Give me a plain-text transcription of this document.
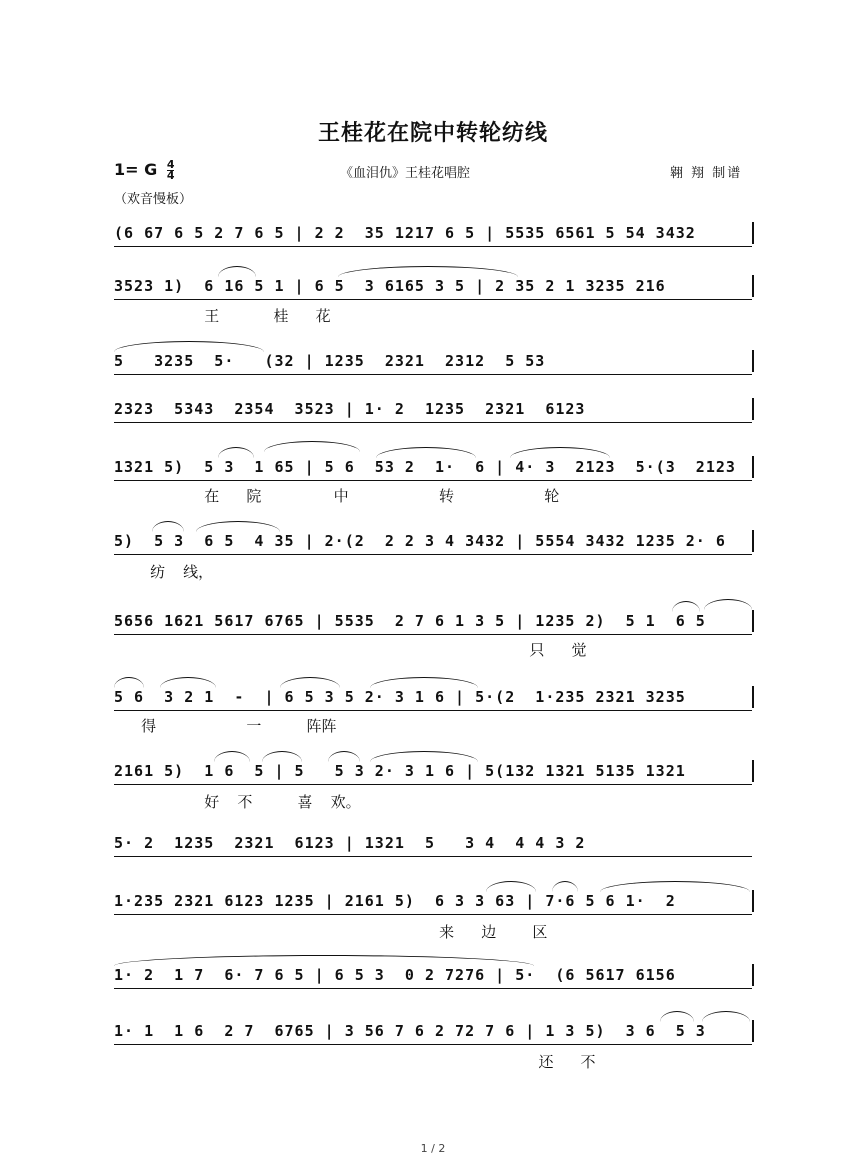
王桂花在院中转轮纺线
1= G $\frac{4}{4}$	《血泪仇》王桂花唱腔	翱 翔 制谱
（欢音慢板）
(6 67 6 5 2 7 6 5 | 2 2  35 1217 6 5 | 5535 6561 5 54 3432
3523 1)  6 16 5 1 | 6 5  3 6165 3 5 | 2 35 2 1 3235 216
王      桂   花
5   3235  5·   (32 | 1235  2321  2312  5 53
2323  5343  2354  3523 | 1· 2  1235  2321  6123
1321 5)  5 3  1 65 | 5 6  53 2  1·  6 | 4· 3  2123  5·(3  2123
在   院        中          转          轮
5)  5 3  6 5  4 35 | 2·(2  2 2 3 4 3432 | 5554 3432 1235 2· 6
纺  线，
5656 1621 5617 6765 | 5535  2 7 6 1 3 5 | 1235 2)  5 1  6 5
只   觉
5 6  3 2 1  -  | 6 5 3 5 2· 3 1 6 | 5·(2  1·235 2321 3235
得          一     阵阵
2161 5)  1 6  5 | 5   5 3 2· 3 1 6 | 5(132 1321 5135 1321
好  不     喜  欢。
5· 2  1235  2321  6123 | 1321  5   3 4  4 4 3 2
1·235 2321 6123 1235 | 2161 5)  6 3 3 63 | 7·6 5 6 1·  2
来   边    区
1· 2  1 7  6· 7 6 5 | 6 5 3  0 2 7276 | 5·  (6 5617 6156
1· 1  1 6  2 7  6765 | 3 56 7 6 2 72 7 6 | 1 3 5)  3 6  5 3
还   不
1 / 2
